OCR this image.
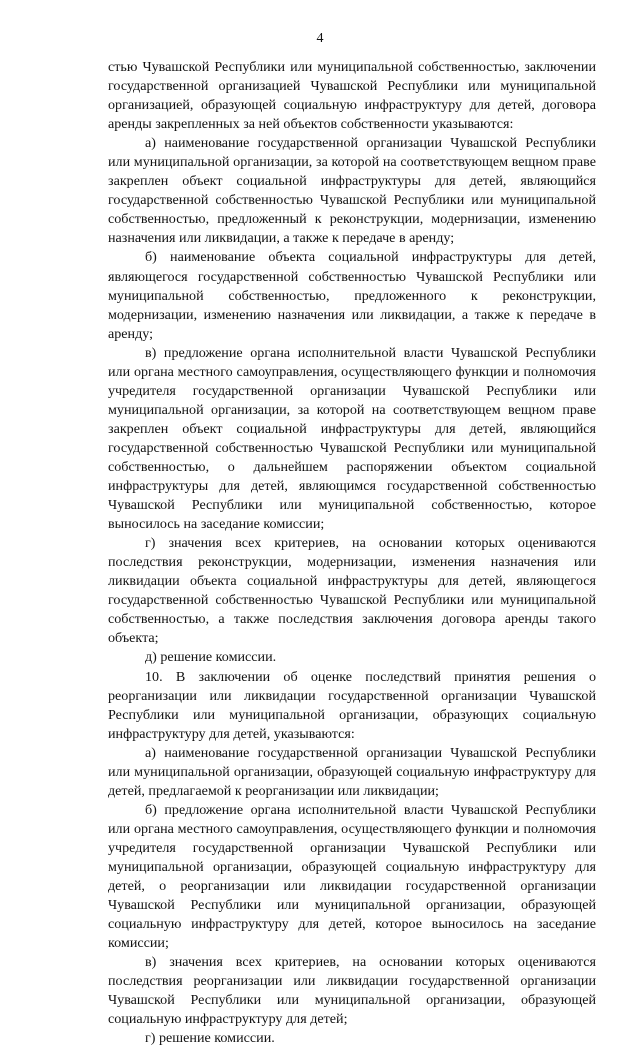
4

стью Чувашской Республики или муниципальной собственностью, заключении государственной организацией Чувашской Республики или муниципальной организацией, образующей социальную инфраструктуру для детей, договора аренды закрепленных за ней объектов собственности указываются:

а) наименование государственной организации Чувашской Республики или муниципальной организации, за которой на соответствующем вещном праве закреплен объект социальной инфраструктуры для детей, являющийся государственной собственностью Чувашской Республики или муниципальной собственностью, предложенный к реконструкции, модернизации, изменению назначения или ликвидации, а также к передаче в аренду;

б) наименование объекта социальной инфраструктуры для детей, являющегося государственной собственностью Чувашской Республики или муниципальной собственностью, предложенного к реконструкции, модернизации, изменению назначения или ликвидации, а также к передаче в аренду;

в) предложение органа исполнительной власти Чувашской Республики или органа местного самоуправления, осуществляющего функции и полномочия учредителя государственной организации Чувашской Республики или муниципальной организации, за которой на соответствующем вещном праве закреплен объект социальной инфраструктуры для детей, являющийся государственной собственностью Чувашской Республики или муниципальной собственностью, о дальнейшем распоряжении объектом социальной инфраструктуры для детей, являющимся государственной собственностью Чувашской Республики или муниципальной собственностью, которое выносилось на заседание комиссии;

г) значения всех критериев, на основании которых оцениваются последствия реконструкции, модернизации, изменения назначения или ликвидации объекта социальной инфраструктуры для детей, являющегося государственной собственностью Чувашской Республики или муниципальной собственностью, а также последствия заключения договора аренды такого объекта;

д) решение комиссии.

10. В заключении об оценке последствий принятия решения о реорганизации или ликвидации государственной организации Чувашской Республики или муниципальной организации, образующих социальную инфраструктуру для детей, указываются:

а) наименование государственной организации Чувашской Республики или муниципальной организации, образующей социальную инфраструктуру для детей, предлагаемой к реорганизации или ликвидации;

б) предложение органа исполнительной власти Чувашской Республики или органа местного самоуправления, осуществляющего функции и полномочия учредителя государственной организации Чувашской Республики или муниципальной организации, образующей социальную инфраструктуру для детей, о реорганизации или ликвидации государственной организации Чувашской Республики или муниципальной организации, образующей социальную инфраструктуру для детей, которое выносилось на заседание комиссии;

в) значения всех критериев, на основании которых оцениваются последствия реорганизации или ликвидации государственной организации Чувашской Республики или муниципальной организации, образующей социальную инфраструктуру для детей;

г) решение комиссии.
